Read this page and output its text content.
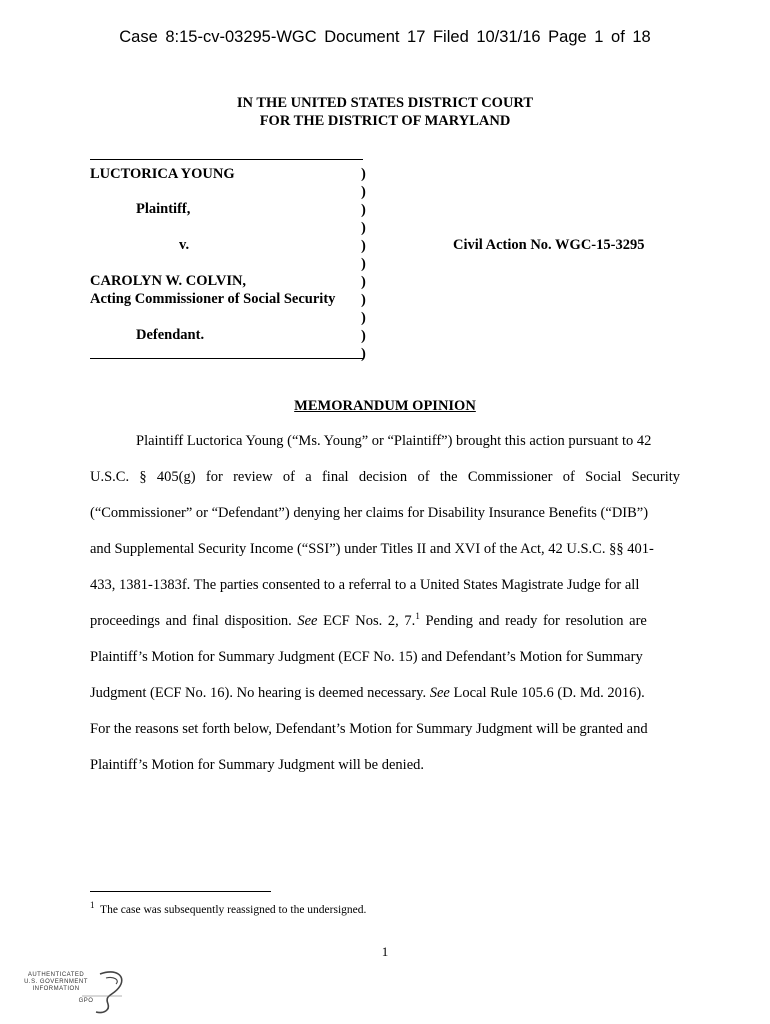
Case 8:15-cv-03295-WGC Document 17 Filed 10/31/16 Page 1 of 18
IN THE UNITED STATES DISTRICT COURT
FOR THE DISTRICT OF MARYLAND
LUCTORICA YOUNG
Plaintiff,
v.
CAROLYN W. COLVIN,
Acting Commissioner of Social Security
Defendant.
)
)
)
)
)
)
)
)
)
)
)
Civil Action No. WGC-15-3295
MEMORANDUM OPINION
Plaintiff Luctorica Young (“Ms. Young” or “Plaintiff”) brought this action pursuant to 42
U.S.C. § 405(g) for review of a final decision of the Commissioner of Social Security
(“Commissioner” or “Defendant”) denying her claims for Disability Insurance Benefits (“DIB”)
and Supplemental Security Income (“SSI”) under Titles II and XVI of the Act, 42 U.S.C. §§ 401-
433, 1381-1383f. The parties consented to a referral to a United States Magistrate Judge for all
proceedings and final disposition. See ECF Nos. 2, 7.$^1$ Pending and ready for resolution are
Plaintiff’s Motion for Summary Judgment (ECF No. 15) and Defendant’s Motion for Summary
Judgment (ECF No. 16). No hearing is deemed necessary. See Local Rule 105.6 (D. Md. 2016).
For the reasons set forth below, Defendant’s Motion for Summary Judgment will be granted and
Plaintiff’s Motion for Summary Judgment will be denied.
$^1$ The case was subsequently reassigned to the undersigned.
1
AUTHENTICATED
U.S. GOVERNMENT
INFORMATION
GPO
